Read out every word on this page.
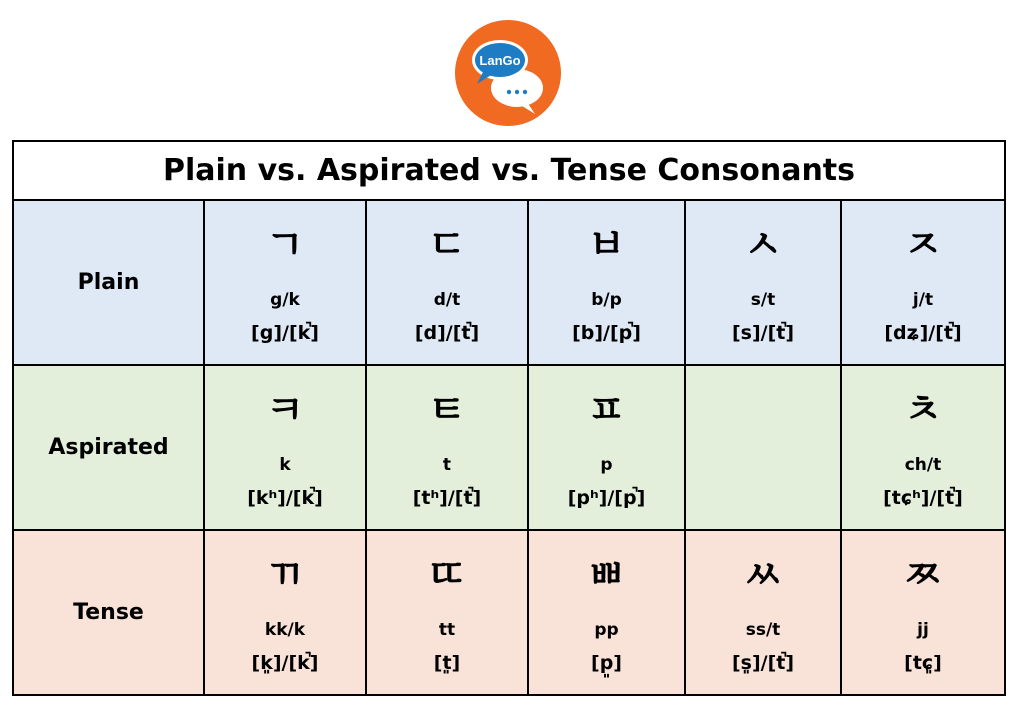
LanGo
Plain vs. Aspirated vs. Tense Consonants					

Plain	ㄱ
g/k
[g]/[k̚]	ㄷ
d/t
[d]/[t̚]	ㅂ
b/p
[b]/[p̚]	ㅅ
s/t
[s]/[t̚]	ㅈ
j/t
[dʑ]/[t̚]

Aspirated	ㅋ
k
[kʰ]/[k̚]	ㅌ
t
[tʰ]/[t̚]	ㅍ
p
[pʰ]/[p̚]		ㅊ
ch/t
[tɕʰ]/[t̚]

Tense	ㄲ
kk/k
[k͈]/[k̚]	ㄸ
tt
[t͈]	ㅃ
pp
[p͈]	ㅆ
ss/t
[s͈]/[t̚]	ㅉ
jj
[tɕ͈]
